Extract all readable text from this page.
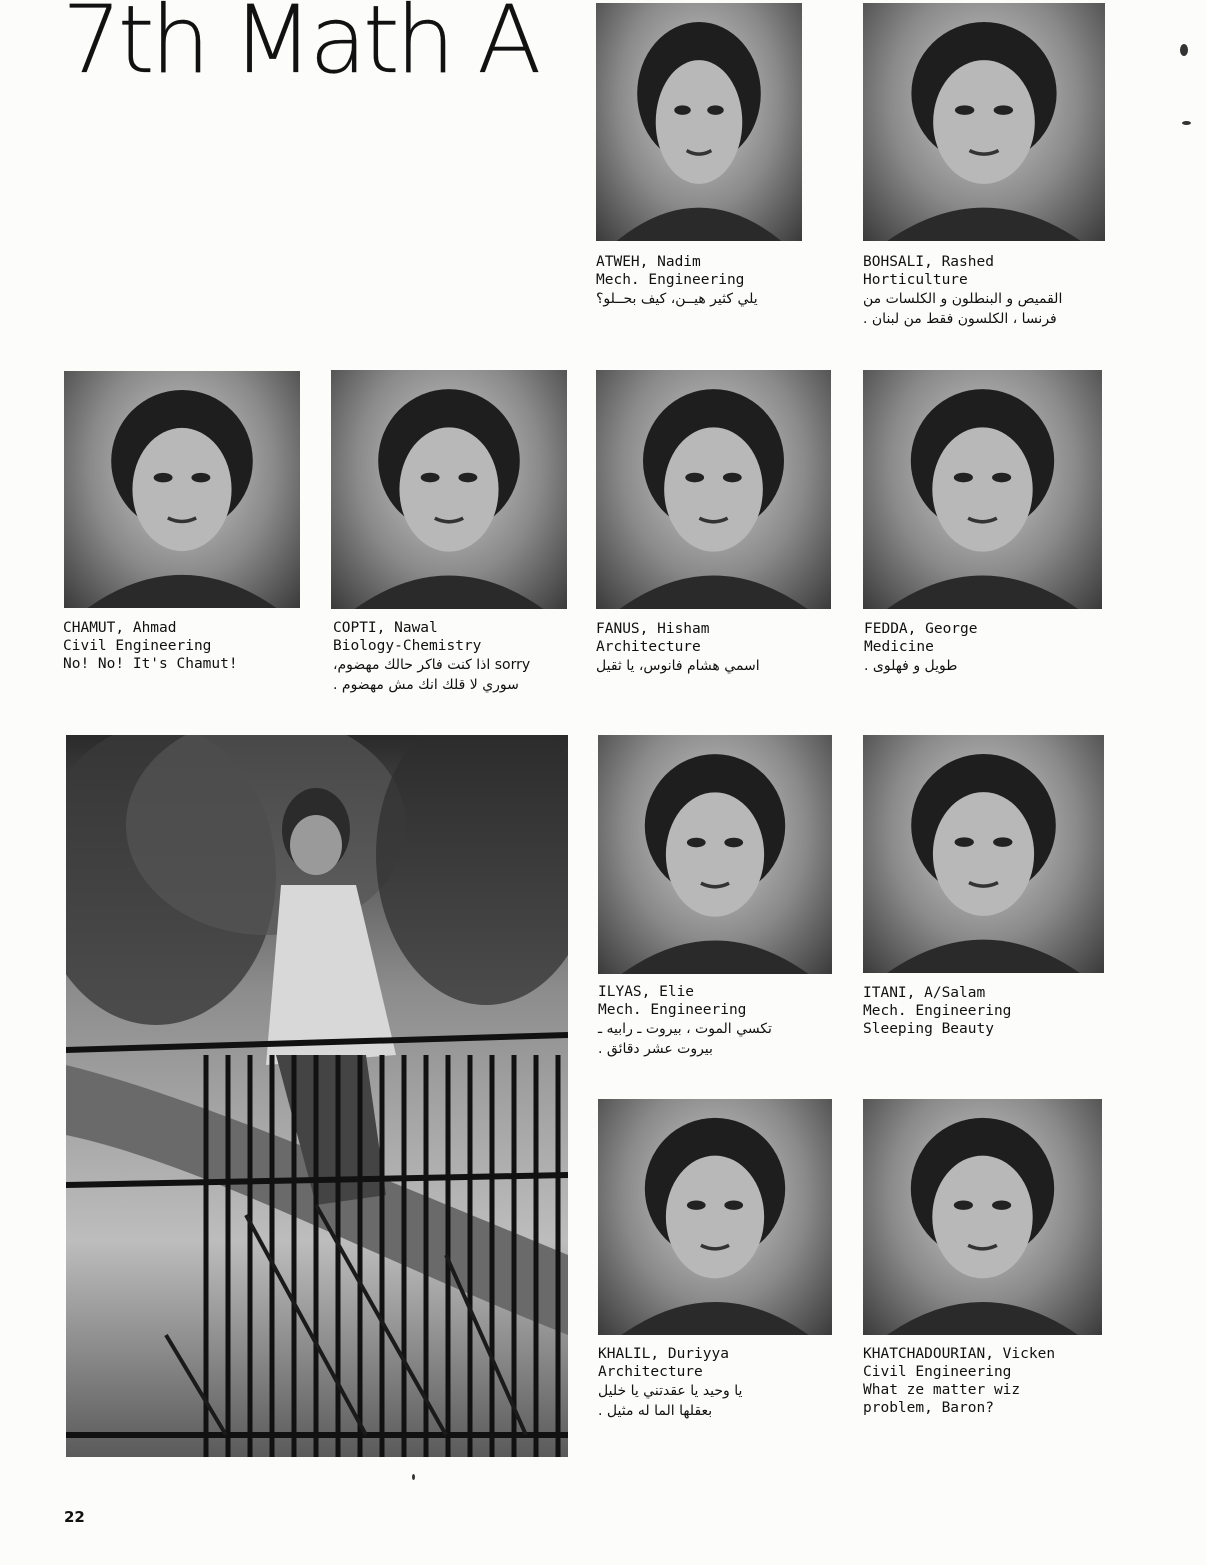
7th Math A
ATWEH, Nadim
Mech. Engineering
يلي كثير هيــن، كيف بحــلو؟
BOHSALI, Rashed
Horticulture
القميص و البنطلون و الكلسات من
فرنسا ، الكلسون فقط من لبنان .
CHAMUT, Ahmad
Civil Engineering
No! No! It's Chamut!
COPTI, Nawal
Biology-Chemistry
sorry اذا كنت فاكر حالك مهضوم،
سوري لا قلك انك مش مهضوم .
FANUS, Hisham
Architecture
اسمي هشام فانوس، يا ثقيل
FEDDA, George
Medicine
طويل و فهلوى .
ILYAS, Elie
Mech. Engineering
تكسي الموت ، بيروت ـ رابيه ـ
بيروت عشر دقائق .
ITANI, A/Salam
Mech. Engineering
Sleeping Beauty
KHALIL, Duriyya
Architecture
يا وحيد يا عقدتني يا خليل
بعقلها الما له مثيل .
KHATCHADOURIAN, Vicken
Civil Engineering
What ze matter wiz
problem, Baron?
22
